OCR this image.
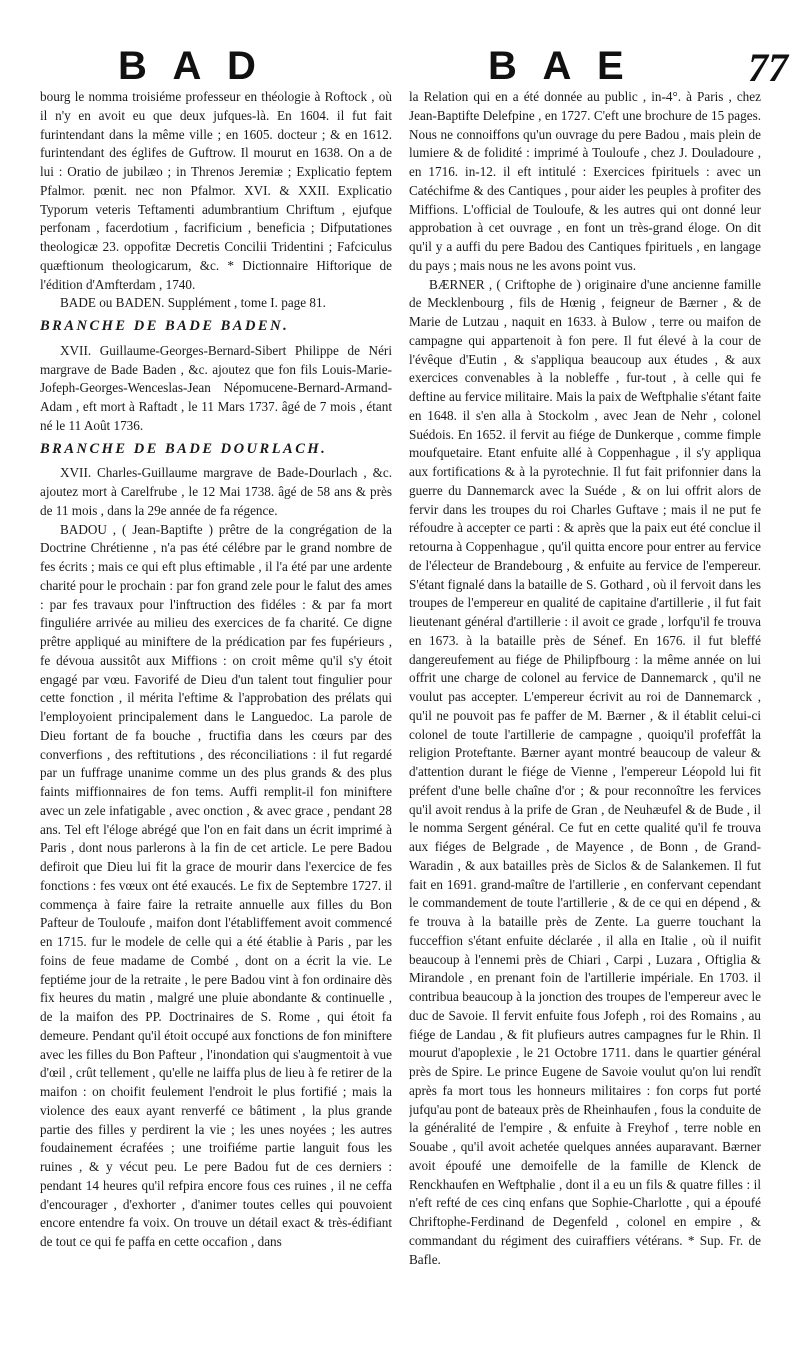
B A D	B A E	77

bourg le nomma troisiéme professeur en théologie à Roftock , où il n'y en avoit eu que deux jufques-là. En 1604. il fut fait furintendant dans la même ville ; en 1605. docteur ; & en 1612. furintendant des églifes de Guftrow. Il mourut en 1638. On a de lui : Oratio de jubilæo ; in Threnos Jeremiæ ; Explicatio feptem Pfalmor. pœnit. nec non Pfalmor. XVI. & XXII. Explicatio Typorum veteris Teftamenti adumbrantium Chriftum , ejufque perfonam , facerdotium , facrificium , beneficia ; Difputationes theologicæ 23. oppofitæ Decretis Concilii Tridentini ; Fafciculus quæftionum theologicarum, &c. * Dictionnaire Hiftorique de l'édition d'Amfterdam , 1740.

BADE ou BADEN. Supplément , tome I. page 81.

BRANCHE DE BADE BADEN.

XVII. Guillaume-Georges-Bernard-Sibert Philippe de Néri margrave de Bade Baden , &c. ajoutez que fon fils Louis-Marie-Jofeph-Georges-Wenceslas-Jean Népomucene-Bernard-Armand-Adam , eft mort à Raftadt , le 11 Mars 1737. âgé de 7 mois , étant né le 11 Août 1736.

BRANCHE DE BADE DOURLACH.

XVII. Charles-Guillaume margrave de Bade-Dourlach , &c. ajoutez mort à Carelfrube , le 12 Mai 1738. âgé de 58 ans & près de 11 mois , dans la 29e année de fa régence.

BADOU , ( Jean-Baptifte ) prêtre de la congrégation de la Doctrine Chrétienne , n'a pas été célébre par le grand nombre de fes écrits ; mais ce qui eft plus eftimable , il l'a été par une ardente charité pour le prochain : par fon grand zele pour le falut des ames : par fes travaux pour l'inftruction des fidéles : & par fa mort finguliére arrivée au milieu des exercices de fa charité. Ce digne prêtre appliqué au miniftere de la prédication par fes fupérieurs , fe dévoua aussitôt aux Miffions : on croit même qu'il s'y étoit engagé par vœu. Favorifé de Dieu d'un talent tout fingulier pour cette fonction , il mérita l'eftime & l'approbation des prélats qui l'employoient principalement dans le Languedoc. La parole de Dieu fortant de fa bouche , fructifia dans les cœurs par des converfions , des reftitutions , des réconciliations : il fut regardé par un fuffrage unanime comme un des plus grands & des plus faints miffionnaires de fon tems. Auffi remplit-il fon miniftere avec un zele infatigable , avec onction , & avec grace , pendant 28 ans. Tel eft l'éloge abrégé que l'on en fait dans un écrit imprimé à Paris , dont nous parlerons à la fin de cet article. Le pere Badou defiroit que Dieu lui fit la grace de mourir dans l'exercice de fes fonctions : fes vœux ont été exaucés. Le fix de Septembre 1727. il commença à faire faire la retraite annuelle aux filles du Bon Pafteur de Touloufe , maifon dont l'établiffement avoit commencé en 1715. fur le modele de celle qui a été établie à Paris , par les foins de feue madame de Combé , dont on a écrit la vie. Le feptiéme jour de la retraite , le pere Badou vint à fon ordinaire dès fix heures du matin , malgré une pluie abondante & continuelle , de la maifon des PP. Doctrinaires de S. Rome , qui étoit fa demeure. Pendant qu'il étoit occupé aux fonctions de fon miniftere avec les filles du Bon Pafteur , l'inondation qui s'augmentoit à vue d'œil , crût tellement , qu'elle ne laiffa plus de lieu à fe retirer de la maifon : on choifit feulement l'endroit le plus fortifié ; mais la violence des eaux ayant renverfé ce bâtiment , la plus grande partie des filles y perdirent la vie ; les unes noyées ; les autres foudainement écrafées ; une troifiéme partie languit fous les ruines , & y vécut peu. Le pere Badou fut de ces derniers : pendant 14 heures qu'il refpira encore fous ces ruines , il ne ceffa d'encourager , d'exhorter , d'animer toutes celles qui pouvoient encore entendre fa voix. On trouve un détail exact & très-édifiant de tout ce qui fe paffa en cette occafion , dans

la Relation qui en a été donnée au public , in-4°. à Paris , chez Jean-Baptifte Delefpine , en 1727. C'eft une brochure de 15 pages. Nous ne connoiffons qu'un ouvrage du pere Badou , mais plein de lumiere & de folidité : imprimé à Touloufe , chez J. Douladoure , en 1716. in-12. il eft intitulé : Exercices fpirituels : avec un Catéchifme & des Cantiques , pour aider les peuples à profiter des Miffions. L'official de Touloufe, & les autres qui ont donné leur approbation à cet ouvrage , en font un très-grand éloge. On dit qu'il y a auffi du pere Badou des Cantiques fpirituels , en langage du pays ; mais nous ne les avons point vus.

BÆRNER , ( Criftophe de ) originaire d'une ancienne famille de Mecklenbourg , fils de Hœnig , feigneur de Bærner , & de Marie de Lutzau , naquit en 1633. à Bulow , terre ou maifon de campagne qui appartenoit à fon pere. Il fut élevé à la cour de l'évêque d'Eutin , & s'appliqua beaucoup aux études , & aux exercices convenables à la nobleffe , fur-tout , à celle qui fe deftine au fervice militaire. Mais la paix de Weftphalie s'étant faite en 1648. il s'en alla à Stockolm , avec Jean de Nehr , colonel Suédois. En 1652. il fervit au fiége de Dunkerque , comme fimple moufquetaire. Etant enfuite allé à Coppenhague , il s'y appliqua aux fortifications & à la pyrotechnie. Il fut fait prifonnier dans la guerre du Dannemarck avec la Suéde , & on lui offrit alors de fervir dans les troupes du roi Charles Guftave ; mais il ne put fe réfoudre à accepter ce parti : & après que la paix eut été conclue il retourna à Coppenhague , qu'il quitta encore pour entrer au fervice de l'électeur de Brandebourg , & enfuite au fervice de l'empereur. S'étant fignalé dans la bataille de S. Gothard , où il fervoit dans les troupes de l'empereur en qualité de capitaine d'artillerie , il fut fait lieutenant général d'artillerie : il avoit ce grade , lorfqu'il fe trouva en 1673. à la bataille près de Sénef. En 1676. il fut bleffé dangereufement au fiége de Philipfbourg : la même année on lui offrit une charge de colonel au fervice de Dannemarck , qu'il ne voulut pas accepter. L'empereur écrivit au roi de Dannemarck , qu'il ne pouvoit pas fe paffer de M. Bærner , & il établit celui-ci colonel de toute l'artillerie de campagne , quoiqu'il profeffât la religion Proteftante. Bærner ayant montré beaucoup de valeur & d'attention durant le fiége de Vienne , l'empereur Léopold lui fit préfent d'une belle chaîne d'or ; & pour reconnoître les fervices qu'il avoit rendus à la prife de Gran , de Neuhæufel & de Bude , il le nomma Sergent général. Ce fut en cette qualité qu'il fe trouva aux fiéges de Belgrade , de Mayence , de Bonn , de Grand-Waradin , & aux batailles près de Siclos & de Salankemen. Il fut fait en 1691. grand-maître de l'artillerie , en confervant cependant le commandement de toute l'artillerie , & de ce qui en dépend , & fe trouva à la bataille près de Zente. La guerre touchant la fucceffion s'étant enfuite déclarée , il alla en Italie , où il nuifit beaucoup à l'ennemi près de Chiari , Carpi , Luzara , Oftiglia & Mirandole , en prenant foin de l'artillerie impériale. En 1703. il contribua beaucoup à la jonction des troupes de l'empereur avec le duc de Savoie. Il fervit enfuite fous Jofeph , roi des Romains , au fiége de Landau , & fit plufieurs autres campagnes fur le Rhin. Il mourut d'apoplexie , le 21 Octobre 1711. dans le quartier général près de Spire. Le prince Eugene de Savoie voulut qu'on lui rendît après fa mort tous les honneurs militaires : fon corps fut porté jufqu'au pont de bateaux près de Rheinhaufen , fous la conduite de la généralité de l'empire , & enfuite à Freyhof , terre noble en Souabe , qu'il avoit achetée quelques années auparavant. Bærner avoit époufé une demoifelle de la famille de Klenck de Renckhaufen en Weftphalie , dont il a eu un fils & quatre filles : il n'eft refté de ces cinq enfans que Sophie-Charlotte , qui a époufé Chriftophe-Ferdinand de Degenfeld , colonel en empire , & commandant du régiment des cuiraffiers vétérans. * Sup. Fr. de Bafle.
